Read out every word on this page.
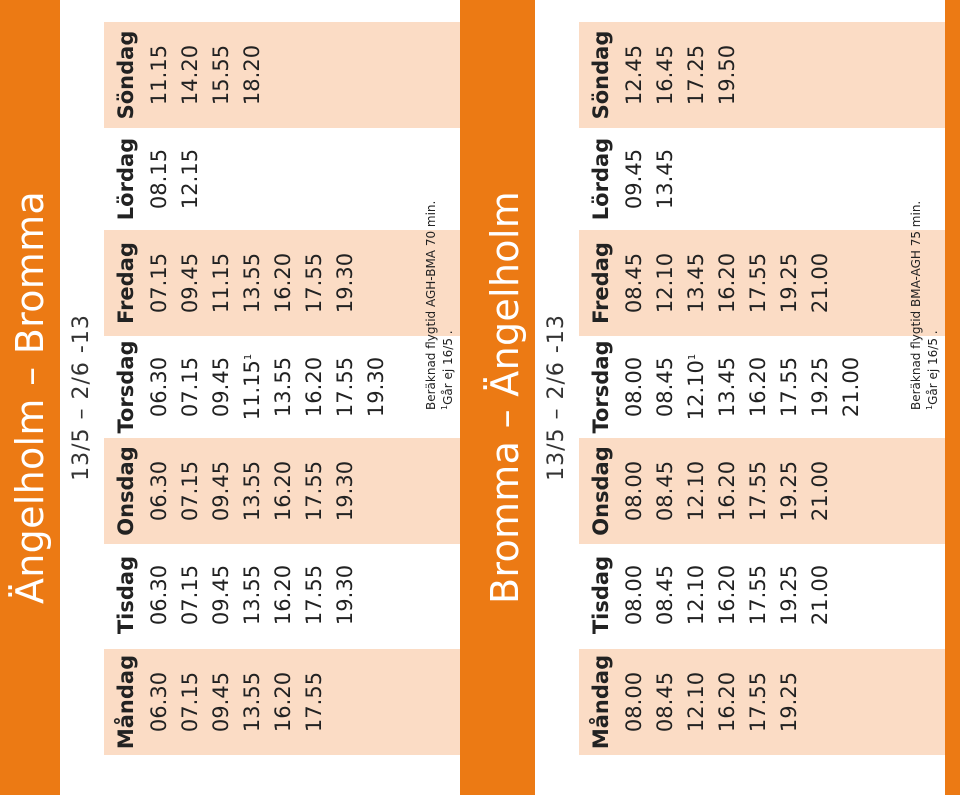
Ängelholm – Bromma 13/5 – 2/6 -13
Måndag 06.30 07.15 09.45 13.55 16.20 17.55
Tisdag 06.30 07.15 09.45 13.55 16.20 17.55 19.30
Onsdag 06.30 07.15 09.45 13.55 16.20 17.55 19.30
Torsdag 06.30 07.15 09.45 11.15$^1$ 13.55 16.20 17.55 19.30
Fredag 07.15 09.45 11.15 13.55 16.20 17.55 19.30
Lördag 08.15 12.15
Söndag 11.15 14.20 15.55 18.20
Beräknad flygtid AGH-BMA 70 min. $^1$Går ej 16/5 . Bromma – Ängelholm 13/5 – 2/6 -13
Måndag 08.00 08.45 12.10 16.20 17.55 19.25
Tisdag 08.00 08.45 12.10 16.20 17.55 19.25 21.00
Onsdag 08.00 08.45 12.10 16.20 17.55 19.25 21.00
Torsdag 08.00 08.45 12.10$^1$ 13.45 16.20 17.55 19.25 21.00
Fredag 08.45 12.10 13.45 16.20 17.55 19.25 21.00
Lördag 09.45 13.45
Söndag 12.45 16.45 17.25 19.50
Beräknad flygtid BMA-AGH 75 min. $^1$Går ej 16/5 .
